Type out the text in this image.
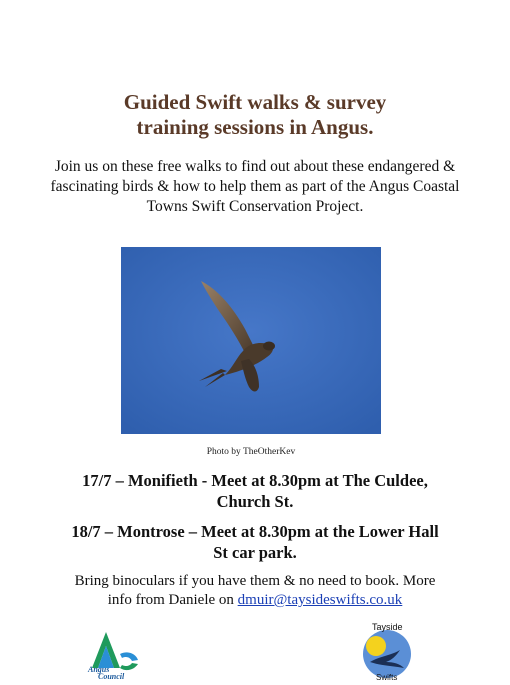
Guided Swift walks & survey
training sessions in Angus.
Join us on these free walks to find out about these endangered & fascinating birds & how to help them as part of the Angus Coastal Towns Swift Conservation Project.
Photo by TheOtherKev
17/7 – Monifieth - Meet at 8.30pm at The Culdee,
Church St.
18/7 – Montrose – Meet at 8.30pm at the Lower Hall
St car park.
Bring binoculars if you have them & no need to book. More
info from Daniele on dmuir@taysideswifts.co.uk
Angus
Council
Tayside
Swifts
